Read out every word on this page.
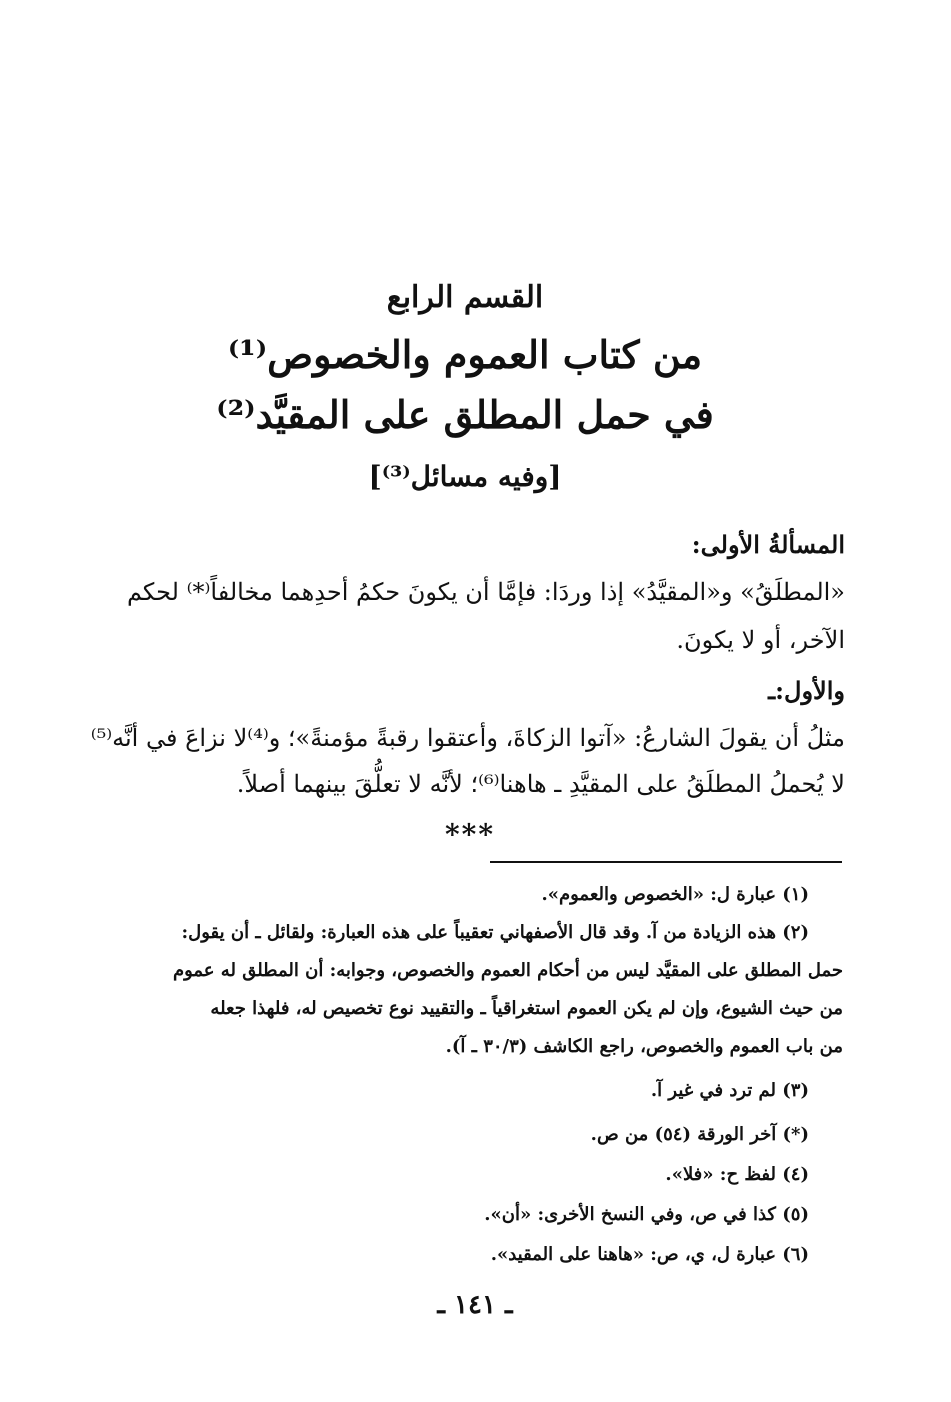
القسم الرابع
من كتاب العموم والخصوص⁽¹⁾
في حمل المطلق على المقيَّد⁽²⁾
[وفيه مسائل⁽³⁾]
المسألةُ الأولى:
«المطلَقُ» و«المقيَّدُ» إذا وردَا: فإمَّا أن يكونَ حكمُ أحدِهما مخالفاً⁽*⁾ لحكم
الآخر، أو لا يكونَ.
والأول:ـ
مثلُ أن يقولَ الشارعُ: «آتوا الزكاةَ، وأعتقوا رقبةً مؤمنةً»؛ و⁽⁴⁾لا نزاعَ في أنَّه⁽⁵⁾
لا يُحملُ المطلَقُ على المقيَّدِ ـ هاهنا⁽⁶⁾؛ لأنَّه لا تعلُّقَ بينهما أصلاً.
***
(١) عبارة ل: «الخصوص والعموم».
(٢) هذه الزيادة من آ. وقد قال الأصفهاني تعقيباً على هذه العبارة: ولقائل ـ أن يقول:
حمل المطلق على المقيَّد ليس من أحكام العموم والخصوص، وجوابه: أن المطلق له عموم
من حيث الشيوع، وإن لم يكن العموم استغراقياً ـ والتقييد نوع تخصيص له، فلهذا جعله
من باب العموم والخصوص، راجع الكاشف (٣٠/٣ ـ آ).
(٣) لم ترد في غير آ.
(*) آخر الورقة (٥٤) من ص.
(٤) لفظ ح: «فلا».
(٥) كذا في ص، وفي النسخ الأخرى: «أن».
(٦) عبارة ل، ي، ص: «هاهنا على المقيد».
ـ ١٤١ ـ
